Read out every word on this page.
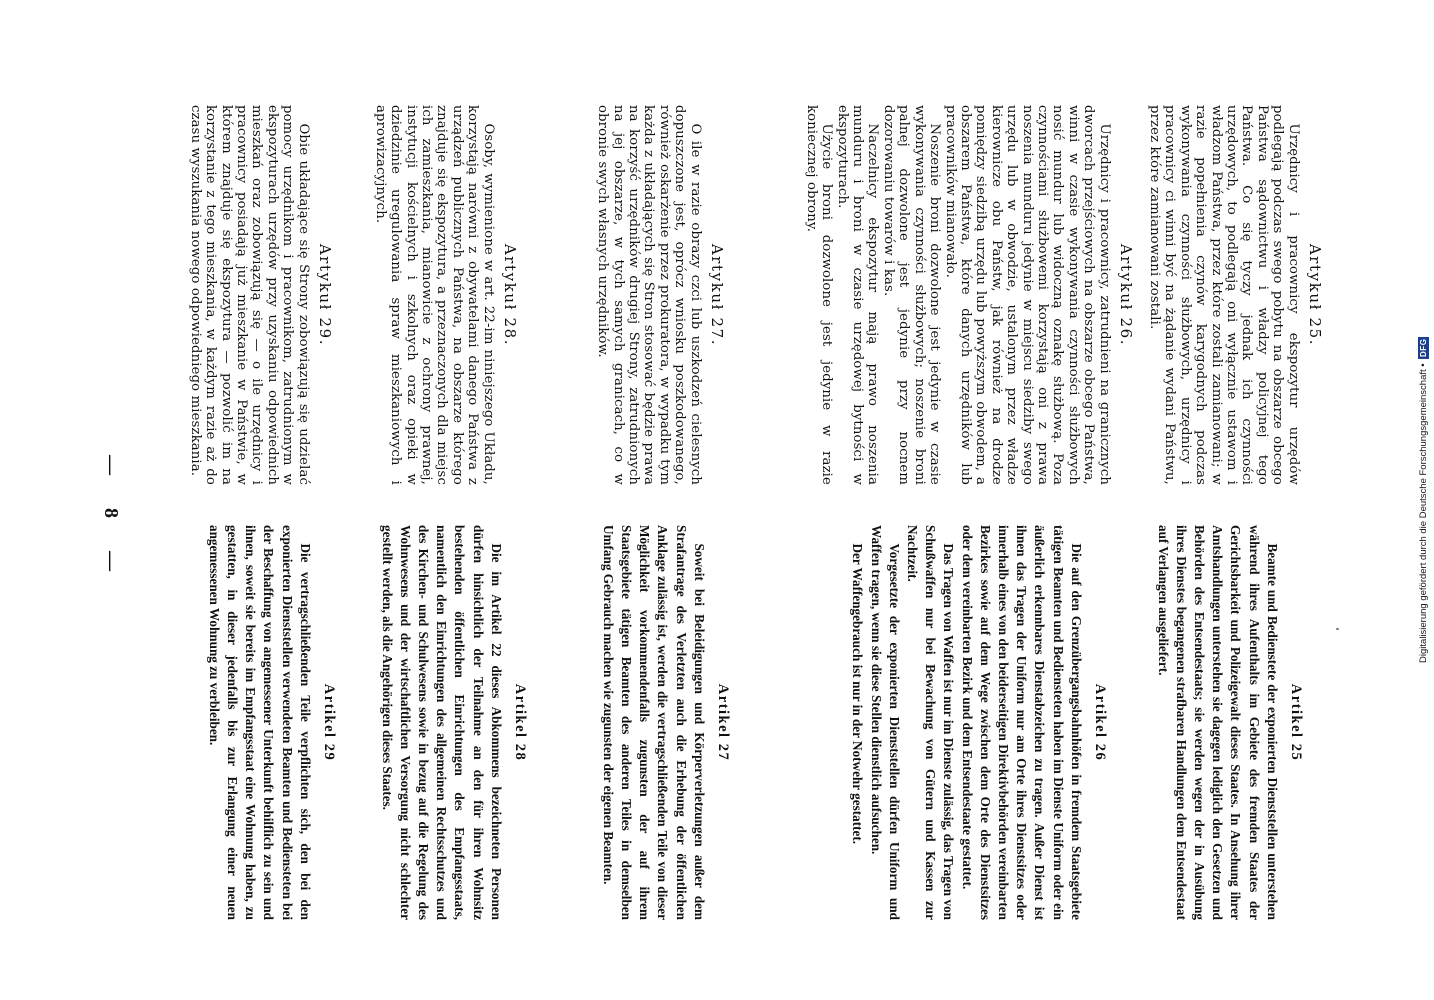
— 8 —
Artikel 25

Beamte und Bedienstete der exponierten Dienststellen unterstehen während ihres Aufenthalts im Gebiete des fremden Staates der Gerichtsbarkeit und Polizeigewalt dieses Staates. In Ansehung ihrer Amtshandlungen unterstehen sie dagegen lediglich den Gesetzen und Behörden des Entsendestaats; sie werden wegen der in Ausübung ihres Dienstes begangenen strafbaren Handlungen dem Entsendestaat auf Verlangen ausgeliefert.

Artikel 26

Die auf den Grenzübergangsbahnhöfen in fremdem Staatsgebiete tätigen Beamten und Bediensteten haben im Dienste Uniform oder ein äußerlich erkennbares Dienstabzeichen zu tragen. Außer Dienst ist ihnen das Tragen der Uniform nur am Orte ihres Dienstsitzes oder innerhalb eines von den beiderseitigen Direktivbehörden vereinbarten Bezirkes sowie auf dem Wege zwischen dem Orte des Dienstsitzes oder dem vereinbarten Bezirk und dem Entsendestaate gestattet.

Das Tragen von Waffen ist nur im Dienste zulässig, das Tragen von Schußwaffen nur bei Bewachung von Gütern und Kassen zur Nachtzeit.

Vorgesetzte der exponierten Dienststellen dürfen Uniform und Waffen tragen, wenn sie diese Stellen dienstlich aufsuchen.

Der Waffengebrauch ist nur in der Notwehr gestattet.

Artikel 27

Soweit bei Beleidigungen und Körperverletzungen außer dem Strafantrage des Verletzten auch die Erhebung der öffentlichen Anklage zulässig ist, werden die vertragschließenden Teile von dieser Möglichkeit vorkommendenfalls zugunsten der auf ihrem Staatsgebiete tätigen Beamten des anderen Teiles in demselben Umfang Gebrauch machen wie zugunsten der eigenen Beamten.

Artikel 28

Die im Artikel 22 dieses Abkommens bezeichneten Personen dürfen hinsichtlich der Teilnahme an den für ihren Wohnsitz bestehenden öffentlichen Einrichtungen des Empfangsstaats, namentlich den Einrichtungen des allgemeinen Rechtsschutzes und des Kirchen- und Schulwesens sowie in bezug auf die Regelung des Wohnwesens und der wirtschaftlichen Versorgung nicht schlechter gestellt werden, als die Angehörigen dieses Staates.

Artikel 29

Die vertragschließenden Teile verpflichten sich, den bei den exponierten Dienststellen verwendeten Beamten und Bediensteten bei der Beschaffung von angemessener Unterkunft behilflich zu sein und ihnen, soweit sie bereits im Empfangsstaat eine Wohnung haben, zu gestatten, in dieser jedenfalls bis zur Erlangung einer neuen angemessenen Wohnung zu verbleiben.

Artykuł 25.

Urzędnicy i pracownicy ekspozytur urzędów podlegają podczas swego pobytu na obszarze obcego Państwa sądownictwu i władzy policyjnej tego Państwa. Co się tyczy jednak ich czynności urzędowych, to podlegają oni wyłącznie ustawom i władzom Państwa, przez które zostali zamianowani; w razie popełnienia czynów karygodnych podczas wykonywania czynności służbowych, urzędnicy i pracownicy ci winni być na żądanie wydani Państwu, przez które zamianowani zostali.

Artykuł 26.

Urzędnicy i pracownicy, zatrudnieni na granicznych dworcach przejściowych na obszarze obcego Państwa, winni w czasie wykonywania czynności służbowych nosić mundur lub widoczną oznakę służbową. Poza czynnościami służbowemi korzystają oni z prawa noszenia munduru jedynie w miejscu siedziby swego urzędu lub w obwodzie, ustalonym przez władze kierownicze obu Państw, jak również na drodze pomiędzy siedzibą urzędu lub powyższym obwodem, a obszarem Państwa, które danych urzędników lub pracowników mianowało.

Noszenie broni dozwolone jest jedynie w czasie wykonywania czynności służbowych; noszenie broni palnej dozwolone jest jedynie przy nocnem dozorowaniu towarów i kas.

Naczelnicy ekspozytur mają prawo noszenia munduru i broni w czasie urzędowej bytności w ekspozyturach.

Użycie broni dozwolone jest jedynie w razie koniecznej obrony.

Artykuł 27.

O ile w razie obrazy czci lub uszkodzeń cielesnych dopuszczone jest, oprócz wniosku poszkodowanego, również oskarżenie przez prokuratora, w wypadku tym każda z układających się Stron stosować będzie prawa na korzyść urzędników drugiej Strony, zatrudnionych na jej obszarze, w tych samych granicach, co w obronie swych własnych urzędników.

Artykuł 28.

Osoby, wymienione w art. 22-im niniejszego Układu, korzystają narówni z obywatelami danego Państwa z urządzeń publicznych Państwa, na obszarze którego znajduje się ekspozytura, a przeznaczonych dla miejsc ich zamieszkania, mianowicie z ochrony prawnej, instytucji kościelnych i szkolnych oraz opieki w dziedzinie uregulowania spraw mieszkaniowych i aprowizacyjnych.

Artykuł 29.

Obie układające się Strony zobowiązują się udzielać pomocy urzędnikom i pracownikom, zatrudnionym w ekspozyturach urzędów przy uzyskaniu odpowiednich mieszkań oraz zobowiązują się — o ile urzędnicy i pracownicy posiadają już mieszkanie w Państwie, w którem znajduje się ekspozytura — pozwolić im na korzystanie z tego mieszkania, w każdym razie aż do czasu wyszukania nowego odpowiedniego mieszkania.

Digitalisierung gefördert durch die Deutsche Forschungsgemeinschaft •
DFG
